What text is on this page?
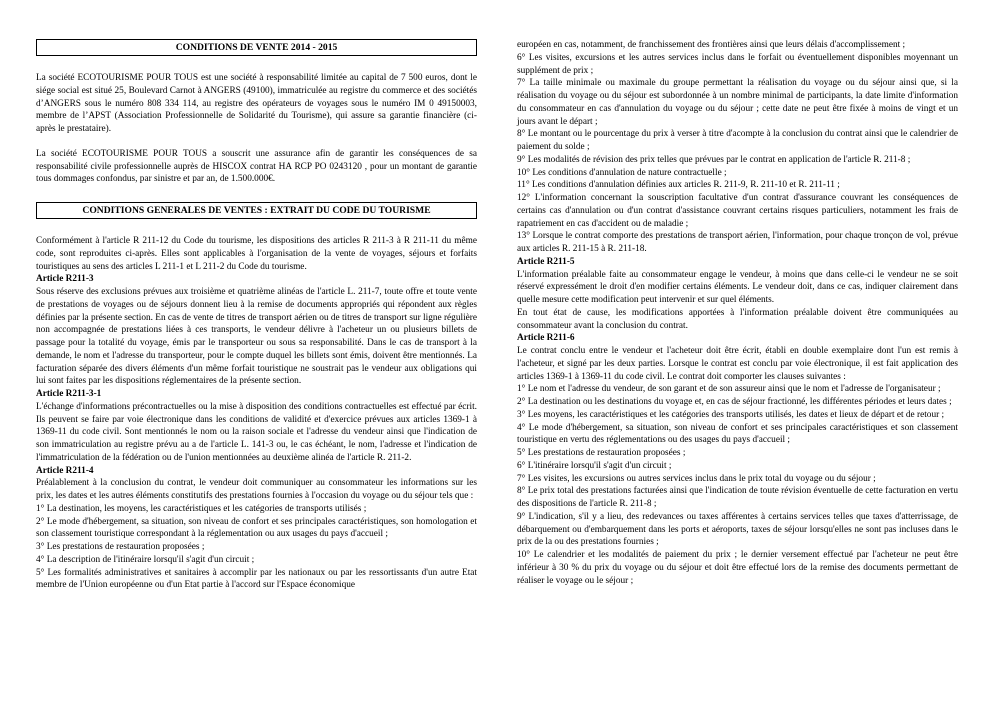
CONDITIONS DE VENTE 2014 - 2015

La société ECOTOURISME POUR TOUS est une société à responsabilité limitée au capital de 7 500 euros, dont le siége social est situé 25, Boulevard Carnot à ANGERS (49100), immatriculée au registre du commerce et des sociétés d’ANGERS sous le numéro 808 334 114, au registre des opérateurs de voyages sous le numéro IM 0 49150003, membre de l’APST (Association Professionnelle de Solidarité du Tourisme), qui assure sa garantie financière (ci-après le prestataire).

La société ECOTOURISME POUR TOUS a souscrit une assurance afin de garantir les conséquences de sa responsabilité civile professionnelle auprès de HISCOX contrat HA RCP PO 0243120 , pour un montant de garantie tous dommages confondus, par sinistre et par an, de 1.500.000€.

CONDITIONS GENERALES DE VENTES : EXTRAIT DU CODE DU TOURISME

Conformément à l'article R 211-12 du Code du tourisme, les dispositions des articles R 211-3 à R 211-11 du même code, sont reproduites ci-après. Elles sont applicables à l'organisation de la vente de voyages, séjours et forfaits touristiques au sens des articles L 211-1 et L 211-2 du Code du tourisme.

Article R211-3

Sous réserve des exclusions prévues aux troisième et quatrième alinéas de l'article L. 211-7, toute offre et toute vente de prestations de voyages ou de séjours donnent lieu à la remise de documents appropriés qui répondent aux règles définies par la présente section. En cas de vente de titres de transport aérien ou de titres de transport sur ligne régulière non accompagnée de prestations liées à ces transports, le vendeur délivre à l'acheteur un ou plusieurs billets de passage pour la totalité du voyage, émis par le transporteur ou sous sa responsabilité. Dans le cas de transport à la demande, le nom et l'adresse du transporteur, pour le compte duquel les billets sont émis, doivent être mentionnés. La facturation séparée des divers éléments d'un même forfait touristique ne soustrait pas le vendeur aux obligations qui lui sont faites par les dispositions réglementaires de la présente section.

Article R211-3-1

L'échange d'informations précontractuelles ou la mise à disposition des conditions contractuelles est effectué par écrit. Ils peuvent se faire par voie électronique dans les conditions de validité et d'exercice prévues aux articles 1369-1 à 1369-11 du code civil. Sont mentionnés le nom ou la raison sociale et l'adresse du vendeur ainsi que l'indication de son immatriculation au registre prévu au a de l'article L. 141-3 ou, le cas échéant, le nom, l'adresse et l'indication de l'immatriculation de la fédération ou de l'union mentionnées au deuxième alinéa de l'article R. 211-2.

Article R211-4

Préalablement à la conclusion du contrat, le vendeur doit communiquer au consommateur les informations sur les prix, les dates et les autres éléments constitutifs des prestations fournies à l'occasion du voyage ou du séjour tels que :

1° La destination, les moyens, les caractéristiques et les catégories de transports utilisés ;

2° Le mode d'hébergement, sa situation, son niveau de confort et ses principales caractéristiques, son homologation et son classement touristique correspondant à la réglementation ou aux usages du pays d'accueil ;

3° Les prestations de restauration proposées ;

4° La description de l'itinéraire lorsqu'il s'agit d'un circuit ;

5° Les formalités administratives et sanitaires à accomplir par les nationaux ou par les ressortissants d'un autre Etat membre de l'Union européenne ou d'un Etat partie à l'accord sur l'Espace économique

européen en cas, notamment, de franchissement des frontières ainsi que leurs délais d'accomplissement ;

6° Les visites, excursions et les autres services inclus dans le forfait ou éventuellement disponibles moyennant un supplément de prix ;

7° La taille minimale ou maximale du groupe permettant la réalisation du voyage ou du séjour ainsi que, si la réalisation du voyage ou du séjour est subordonnée à un nombre minimal de participants, la date limite d'information du consommateur en cas d'annulation du voyage ou du séjour ; cette date ne peut être fixée à moins de vingt et un jours avant le départ ;

8° Le montant ou le pourcentage du prix à verser à titre d'acompte à la conclusion du contrat ainsi que le calendrier de paiement du solde ;

9° Les modalités de révision des prix telles que prévues par le contrat en application de l'article R. 211-8 ;

10° Les conditions d'annulation de nature contractuelle ;

11° Les conditions d'annulation définies aux articles R. 211-9, R. 211-10 et R. 211-11 ;

12° L'information concernant la souscription facultative d'un contrat d'assurance couvrant les conséquences de certains cas d'annulation ou d'un contrat d'assistance couvrant certains risques particuliers, notamment les frais de rapatriement en cas d'accident ou de maladie ;

13° Lorsque le contrat comporte des prestations de transport aérien, l'information, pour chaque tronçon de vol, prévue aux articles R. 211-15 à R. 211-18.

Article R211-5

L'information préalable faite au consommateur engage le vendeur, à moins que dans celle-ci le vendeur ne se soit réservé expressément le droit d'en modifier certains éléments. Le vendeur doit, dans ce cas, indiquer clairement dans quelle mesure cette modification peut intervenir et sur quel éléments.

En tout état de cause, les modifications apportées à l'information préalable doivent être communiquées au consommateur avant la conclusion du contrat.

Article R211-6

Le contrat conclu entre le vendeur et l'acheteur doit être écrit, établi en double exemplaire dont l'un est remis à l'acheteur, et signé par les deux parties. Lorsque le contrat est conclu par voie électronique, il est fait application des articles 1369-1 à 1369-11 du code civil. Le contrat doit comporter les clauses suivantes :

1° Le nom et l'adresse du vendeur, de son garant et de son assureur ainsi que le nom et l'adresse de l'organisateur ;

2° La destination ou les destinations du voyage et, en cas de séjour fractionné, les différentes périodes et leurs dates ;

3° Les moyens, les caractéristiques et les catégories des transports utilisés, les dates et lieux de départ et de retour ;

4° Le mode d'hébergement, sa situation, son niveau de confort et ses principales caractéristiques et son classement touristique en vertu des réglementations ou des usages du pays d'accueil ;

5° Les prestations de restauration proposées ;

6° L'itinéraire lorsqu'il s'agit d'un circuit ;

7° Les visites, les excursions ou autres services inclus dans le prix total du voyage ou du séjour ;

8° Le prix total des prestations facturées ainsi que l'indication de toute révision éventuelle de cette facturation en vertu des dispositions de l'article R. 211-8 ;

9° L'indication, s'il y a lieu, des redevances ou taxes afférentes à certains services telles que taxes d'atterrissage, de débarquement ou d'embarquement dans les ports et aéroports, taxes de séjour lorsqu'elles ne sont pas incluses dans le prix de la ou des prestations fournies ;

10° Le calendrier et les modalités de paiement du prix ; le dernier versement effectué par l'acheteur ne peut être inférieur à 30 % du prix du voyage ou du séjour et doit être effectué lors de la remise des documents permettant de réaliser le voyage ou le séjour ;
